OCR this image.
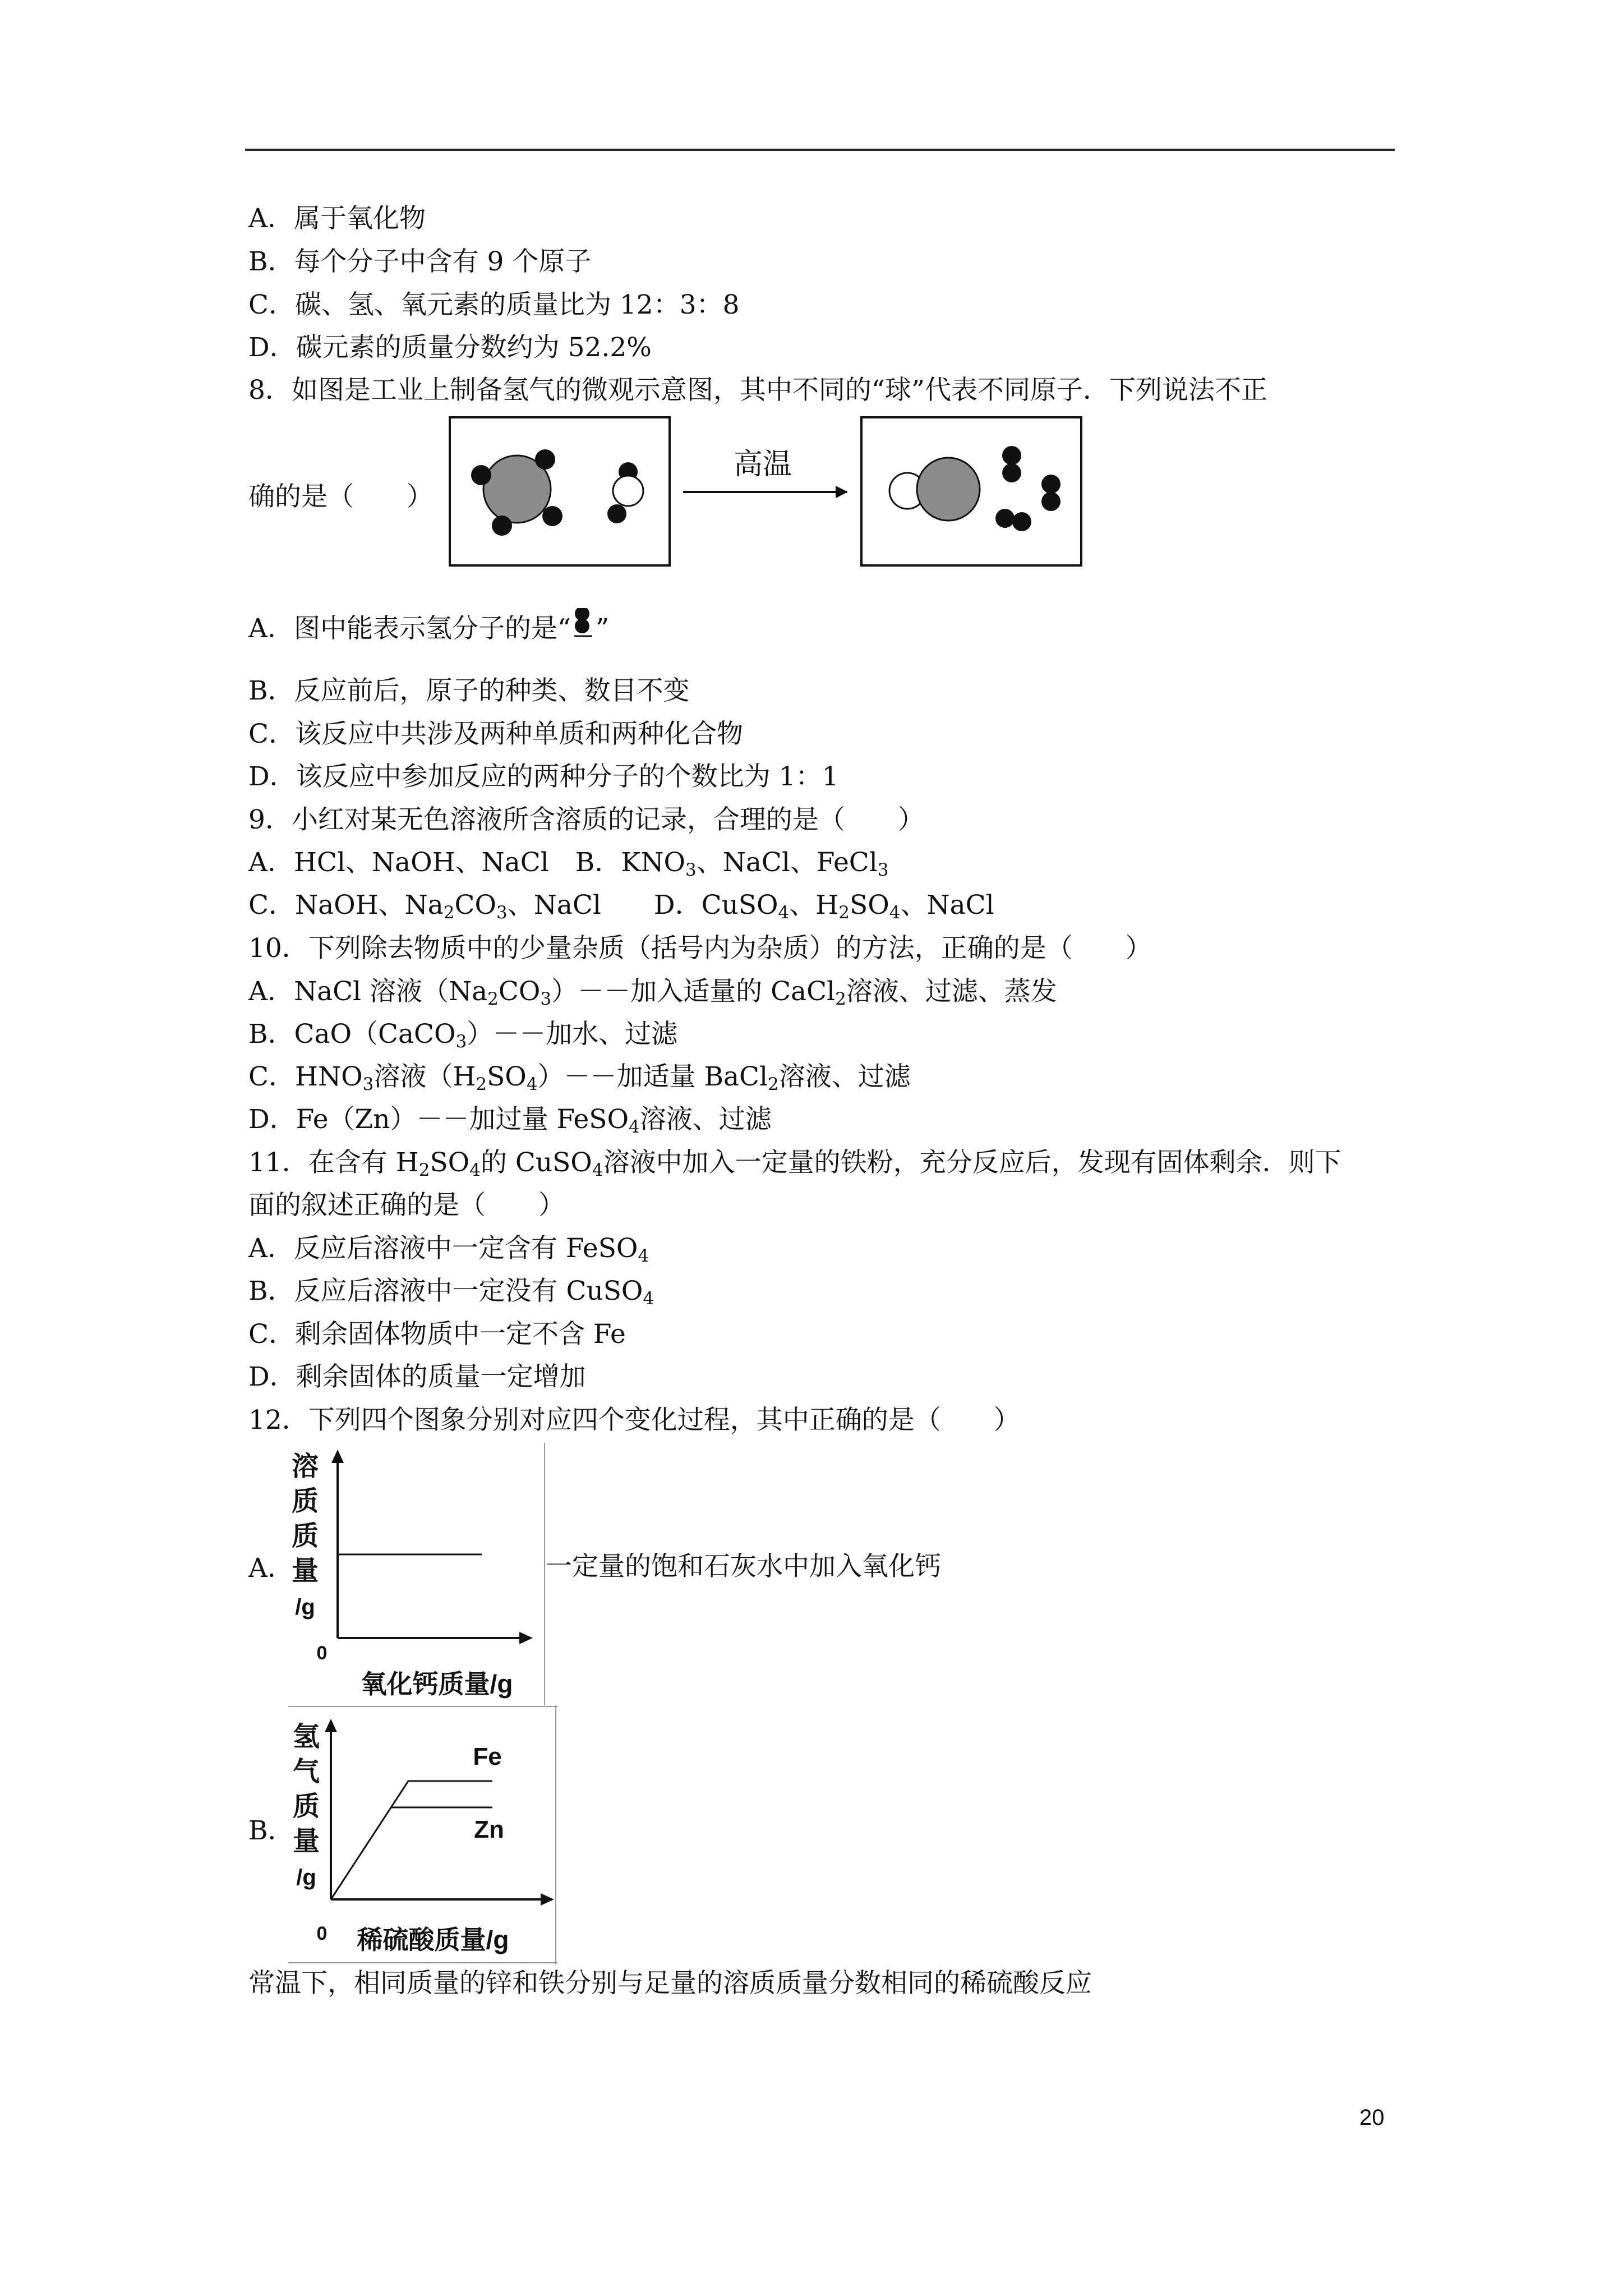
A．属于氧化物
B．每个分子中含有 9 个原子
C．碳、氢、氧元素的质量比为 12：3：8
D．碳元素的质量分数约为 52.2%
8．如图是工业上制备氢气的微观示意图，其中不同的“球”代表不同原子．下列说法不正
确的是（　　）
高温
A．图中能表示氢分子的是“ ”
B．反应前后，原子的种类、数目不变
C．该反应中共涉及两种单质和两种化合物
D．该反应中参加反应的两种分子的个数比为 1：1
9．小红对某无色溶液所含溶质的记录，合理的是（　　）
A．HCl、NaOH、NaCl　B．$KNO_3$、NaCl、FeCl$_3$
C．NaOH、$Na_2CO_3$、NaCl　　D．CuSO$_4$、$H_2SO_4$、NaCl
10．下列除去物质中的少量杂质（括号内为杂质）的方法，正确的是（　　）
A．NaCl 溶液$(Na_2CO_3)--$加入适量的 CaCl$_2$溶液、过滤、蒸发
B．CaO（CaCO$_3$）－－加水、过滤
C．$HNO_3$溶液$(H_2SO_4)--$加适量 BaCl$_2$溶液、过滤
D．Fe（Zn）－－加过量 FeSO$_4$溶液、过滤
11．在含有 $H_2SO_4$的 CuSO$_4$溶液中加入一定量的铁粉，充分反应后，发现有固体剩余．则下
面的叙述正确的是（　　）
A．反应后溶液中一定含有 FeSO$_4$
B．反应后溶液中一定没有 CuSO$_4$
C．剩余固体物质中一定不含 Fe
D．剩余固体的质量一定增加
12．下列四个图象分别对应四个变化过程，其中正确的是（　　）
A．
溶
质
质
量
/g
0
氧化钙质量/g
一定量的饱和石灰水中加入氧化钙
B．
Fe
Zn
氢
气
质
量
/g
0 稀硫酸质量/g
常温下，相同质量的锌和铁分别与足量的溶质质量分数相同的稀硫酸反应
20
